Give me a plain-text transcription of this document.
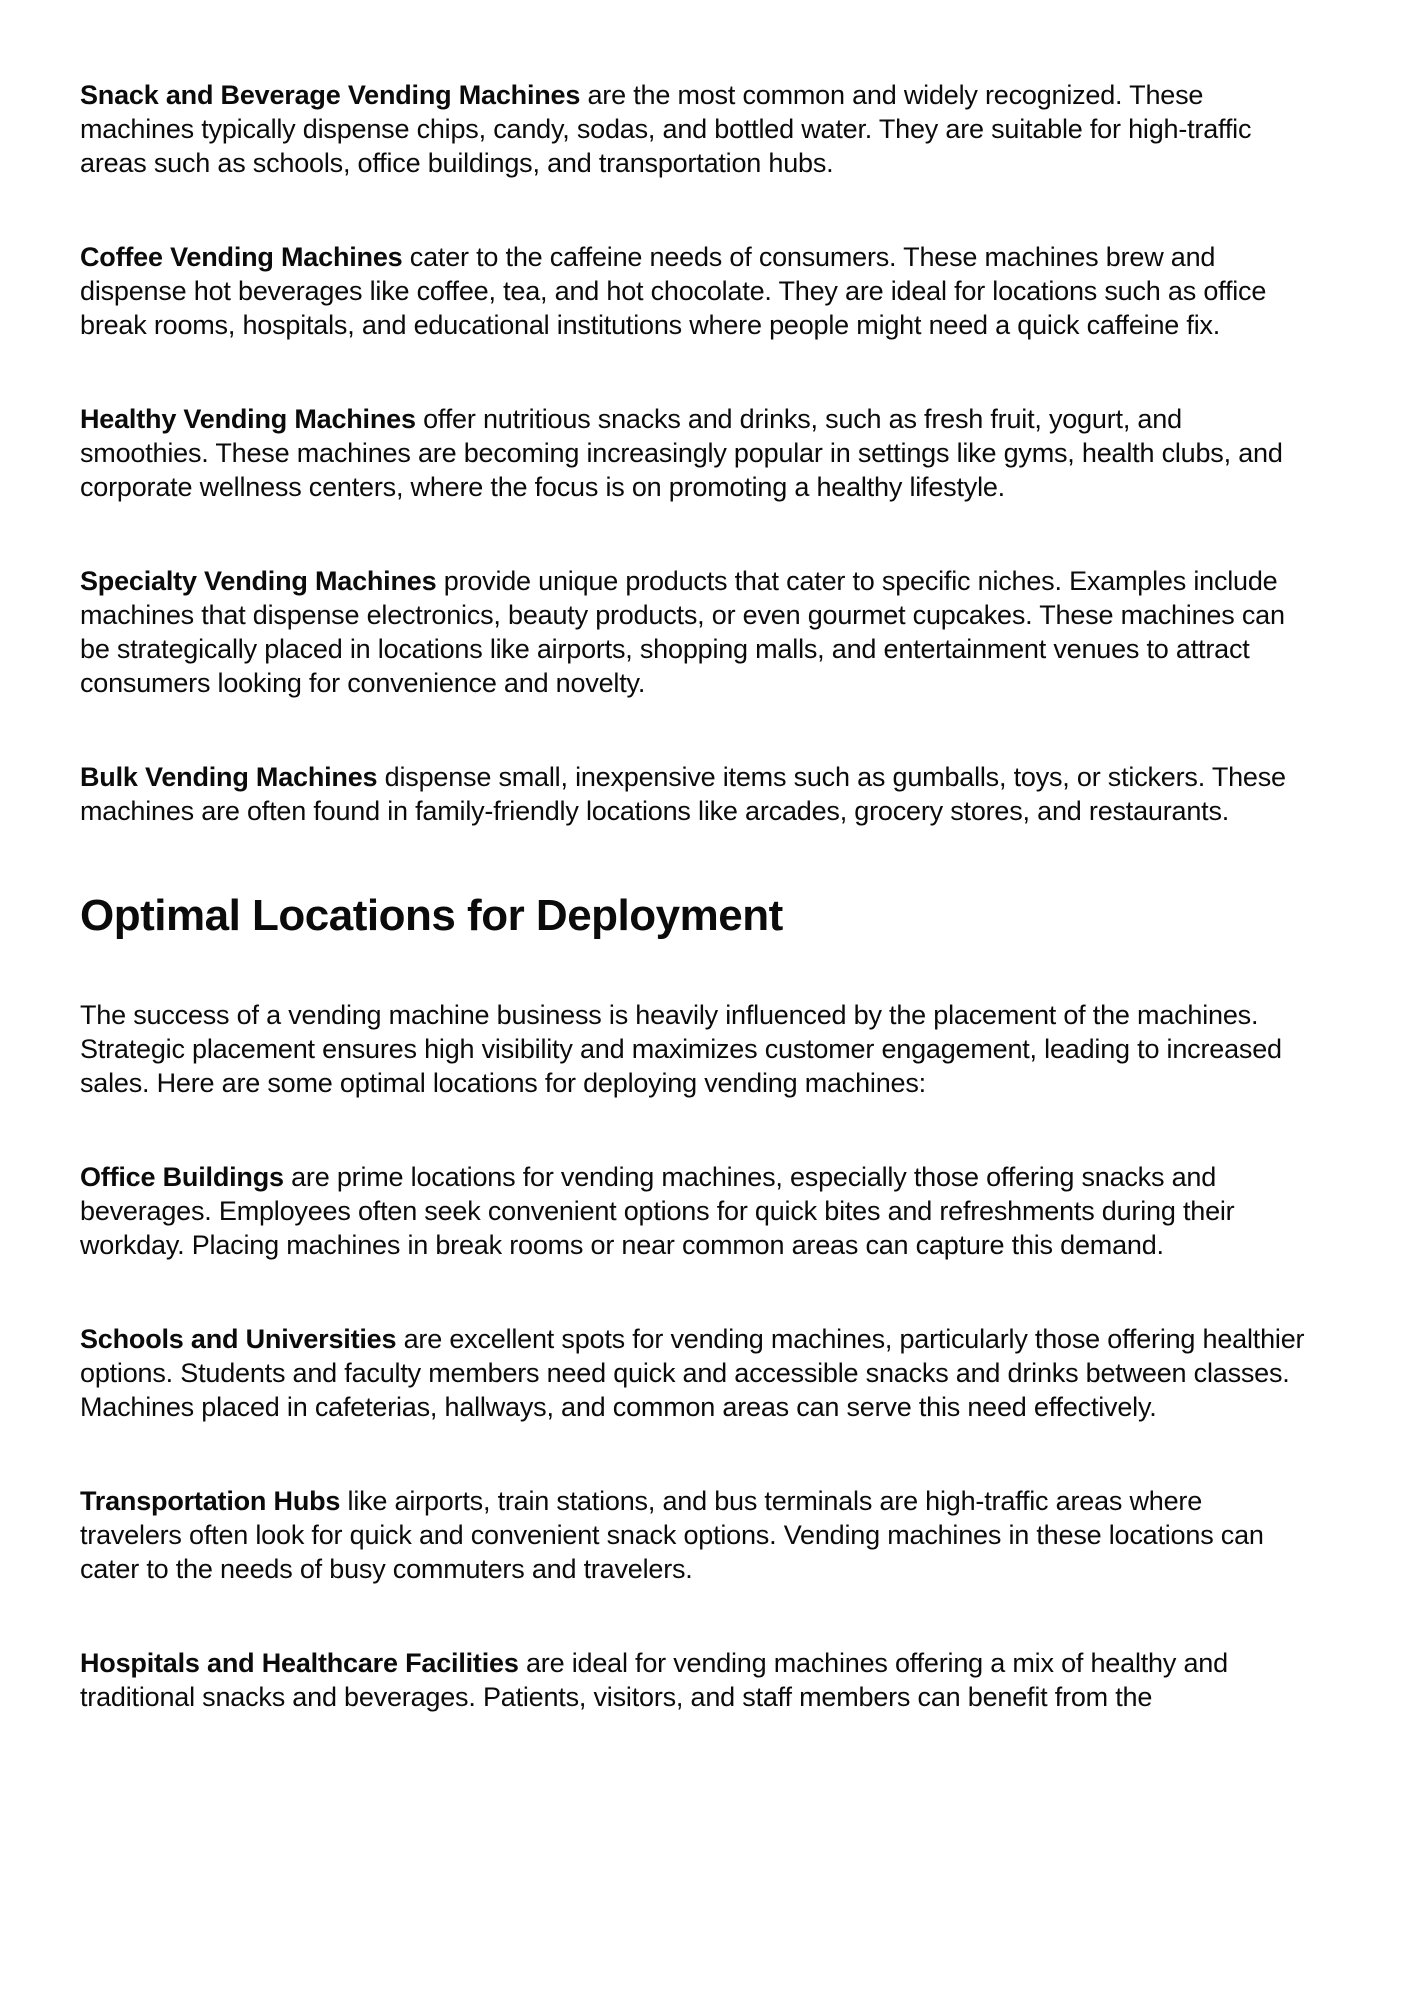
Snack and Beverage Vending Machines are the most common and widely recognized. These machines typically dispense chips, candy, sodas, and bottled water. They are suitable for high-traffic areas such as schools, office buildings, and transportation hubs.

Coffee Vending Machines cater to the caffeine needs of consumers. These machines brew and dispense hot beverages like coffee, tea, and hot chocolate. They are ideal for locations such as office break rooms, hospitals, and educational institutions where people might need a quick caffeine fix.

Healthy Vending Machines offer nutritious snacks and drinks, such as fresh fruit, yogurt, and smoothies. These machines are becoming increasingly popular in settings like gyms, health clubs, and corporate wellness centers, where the focus is on promoting a healthy lifestyle.

Specialty Vending Machines provide unique products that cater to specific niches. Examples include machines that dispense electronics, beauty products, or even gourmet cupcakes. These machines can be strategically placed in locations like airports, shopping malls, and entertainment venues to attract consumers looking for convenience and novelty.

Bulk Vending Machines dispense small, inexpensive items such as gumballs, toys, or stickers. These machines are often found in family-friendly locations like arcades, grocery stores, and restaurants.

Optimal Locations for Deployment

The success of a vending machine business is heavily influenced by the placement of the machines. Strategic placement ensures high visibility and maximizes customer engagement, leading to increased sales. Here are some optimal locations for deploying vending machines:

Office Buildings are prime locations for vending machines, especially those offering snacks and beverages. Employees often seek convenient options for quick bites and refreshments during their workday. Placing machines in break rooms or near common areas can capture this demand.

Schools and Universities are excellent spots for vending machines, particularly those offering healthier options. Students and faculty members need quick and accessible snacks and drinks between classes. Machines placed in cafeterias, hallways, and common areas can serve this need effectively.

Transportation Hubs like airports, train stations, and bus terminals are high-traffic areas where travelers often look for quick and convenient snack options. Vending machines in these locations can cater to the needs of busy commuters and travelers.

Hospitals and Healthcare Facilities are ideal for vending machines offering a mix of healthy and traditional snacks and beverages. Patients, visitors, and staff members can benefit from the
